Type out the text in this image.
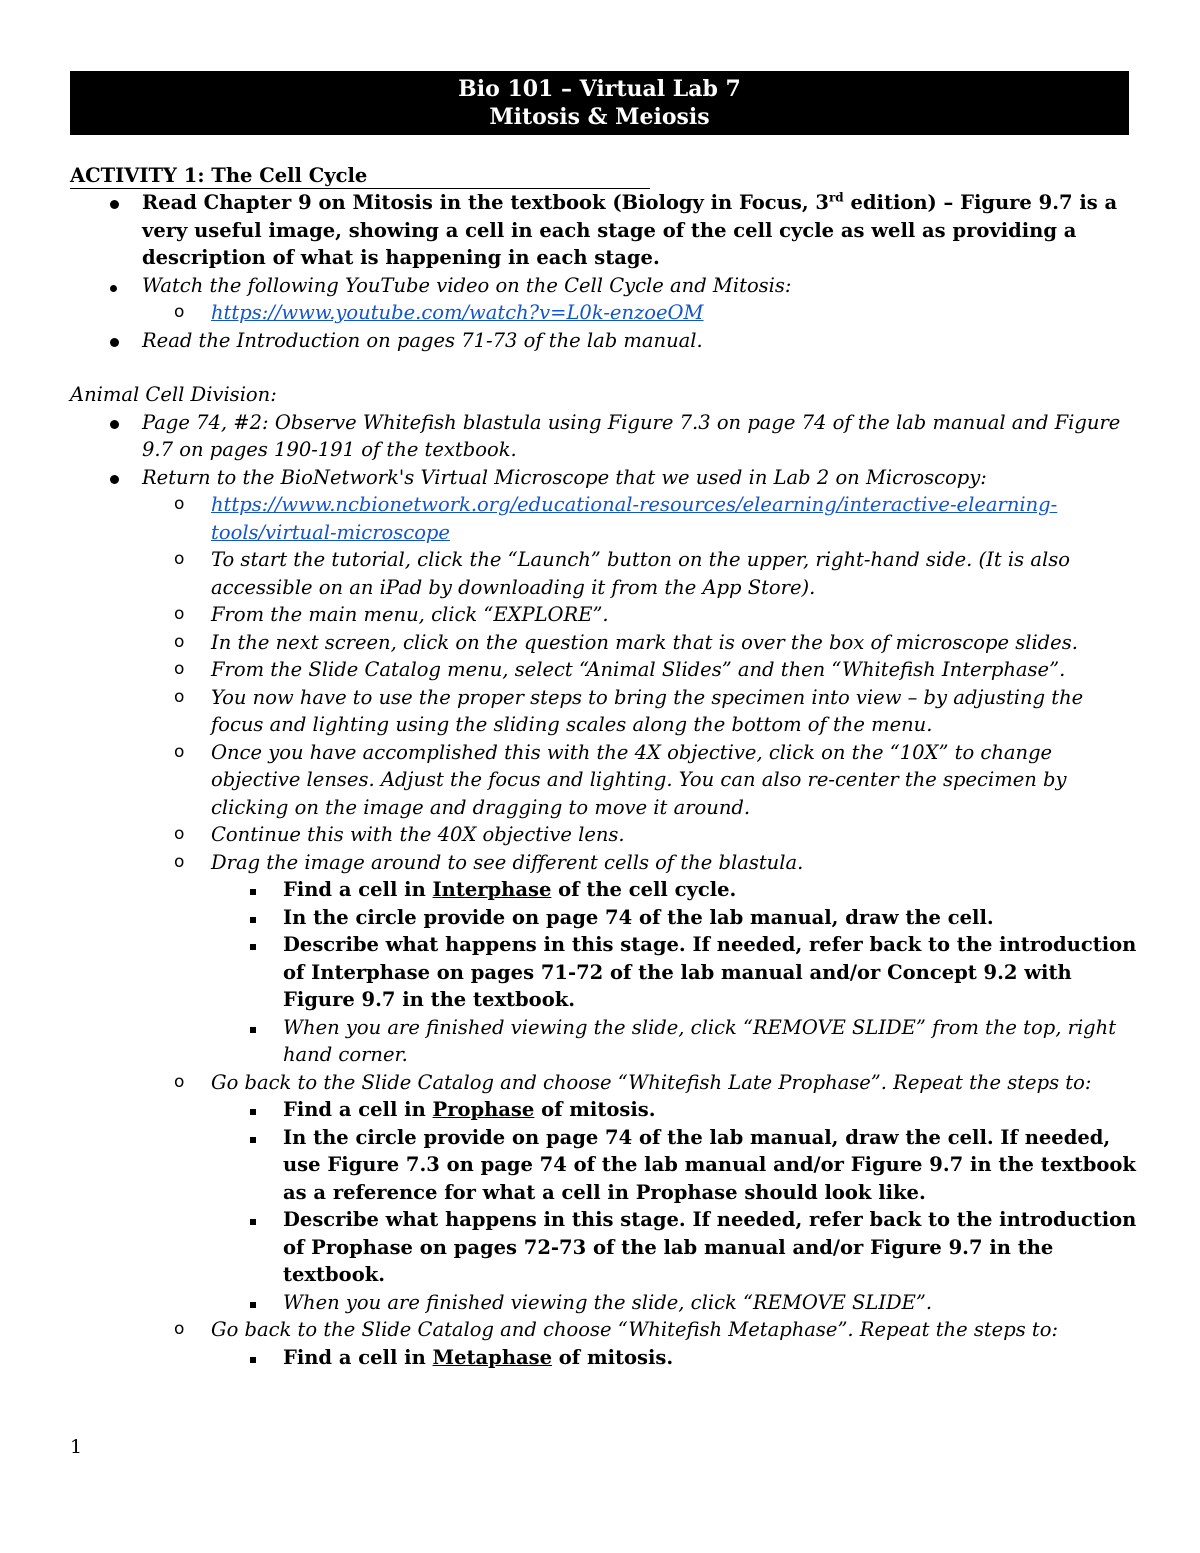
Bio 101 – Virtual Lab 7
Mitosis & Meiosis
ACTIVITY 1: The Cell Cycle
Read Chapter 9 on Mitosis in the textbook (Biology in Focus, 3rd edition) – Figure 9.7 is a very useful image, showing a cell in each stage of the cell cycle as well as providing a description of what is happening in each stage.
Watch the following YouTube video on the Cell Cycle and Mitosis:
o https://www.youtube.com/watch?v=L0k-enzoeOM
Read the Introduction on pages 71-73 of the lab manual.
Animal Cell Division:
Page 74, #2: Observe Whitefish blastula using Figure 7.3 on page 74 of the lab manual and Figure 9.7 on pages 190-191 of the textbook.
Return to the BioNetwork's Virtual Microscope that we used in Lab 2 on Microscopy:
o https://www.ncbionetwork.org/educational-resources/elearning/interactive-elearning-tools/virtual-microscope
o To start the tutorial, click the “Launch” button on the upper, right-hand side. (It is also accessible on an iPad by downloading it from the App Store).
o From the main menu, click “EXPLORE”.
o In the next screen, click on the question mark that is over the box of microscope slides.
o From the Slide Catalog menu, select “Animal Slides” and then “Whitefish Interphase”.
o You now have to use the proper steps to bring the specimen into view – by adjusting the focus and lighting using the sliding scales along the bottom of the menu.
o Once you have accomplished this with the 4X objective, click on the “10X” to change objective lenses. Adjust the focus and lighting. You can also re-center the specimen by clicking on the image and dragging to move it around.
o Continue this with the 40X objective lens.
o Drag the image around to see different cells of the blastula.
Find a cell in Interphase of the cell cycle.
In the circle provide on page 74 of the lab manual, draw the cell.
Describe what happens in this stage. If needed, refer back to the introduction of Interphase on pages 71-72 of the lab manual and/or Concept 9.2 with Figure 9.7 in the textbook.
When you are finished viewing the slide, click “REMOVE SLIDE” from the top, right hand corner.
o Go back to the Slide Catalog and choose “Whitefish Late Prophase”. Repeat the steps to:
Find a cell in Prophase of mitosis.
In the circle provide on page 74 of the lab manual, draw the cell. If needed, use Figure 7.3 on page 74 of the lab manual and/or Figure 9.7 in the textbook as a reference for what a cell in Prophase should look like.
Describe what happens in this stage. If needed, refer back to the introduction of Prophase on pages 72-73 of the lab manual and/or Figure 9.7 in the textbook.
When you are finished viewing the slide, click “REMOVE SLIDE”.
o Go back to the Slide Catalog and choose “Whitefish Metaphase”. Repeat the steps to:
Find a cell in Metaphase of mitosis.
1
